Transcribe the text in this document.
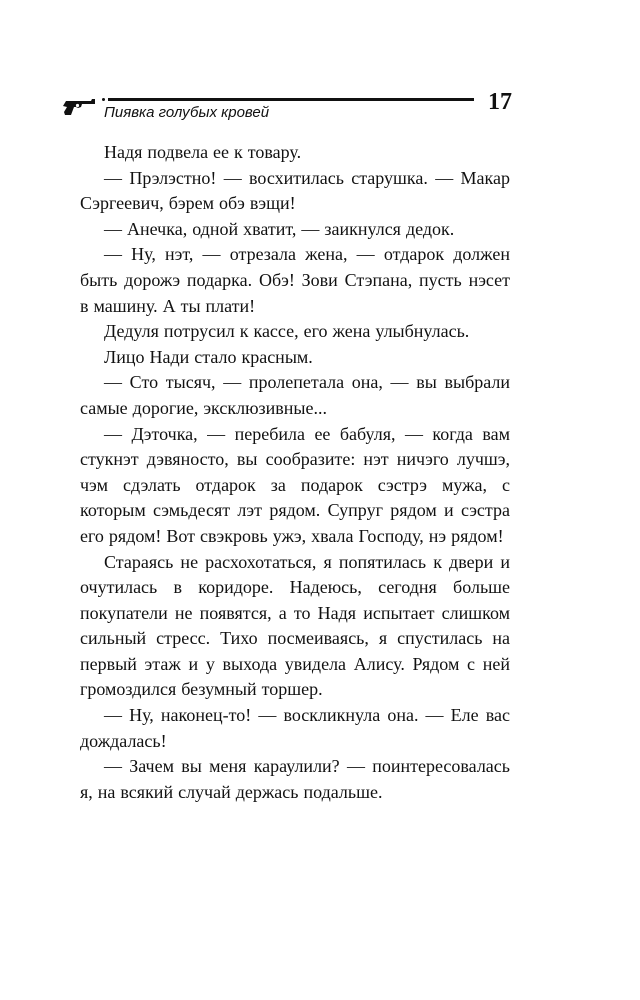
Пиявка голубых кровей	17

Надя подвела ее к товару.

— Прэлэстно! — восхитилась старушка. — Макар Сэргеевич, бэрем обэ вэщи!

— Анечка, одной хватит, — заикнулся дедок.

— Ну, нэт, — отрезала жена, — отдарок должен быть дорожэ подарка. Обэ! Зови Стэпана, пусть нэсет в машину. А ты плати!

Дедуля потрусил к кассе, его жена улыбнулась.

Лицо Нади стало красным.

— Сто тысяч, — пролепетала она, — вы выбрали самые дорогие, эксклюзивные...

— Дэточка, — перебила ее бабуля, — когда вам стукнэт дэвяносто, вы сообразите: нэт ничэго лучшэ, чэм сдэлать отдарок за подарок сэстрэ мужа, с которым сэмьдесят лэт рядом. Супруг рядом и сэстра его рядом! Вот свэкровь ужэ, хвала Господу, нэ рядом!

Стараясь не расхохотаться, я попятилась к двери и очутилась в коридоре. Надеюсь, сегодня больше покупатели не появятся, а то Надя испытает слишком сильный стресс. Тихо посмеиваясь, я спустилась на первый этаж и у выхода увидела Алису. Рядом с ней громоздился безумный торшер.

— Ну, наконец-то! — воскликнула она. — Еле вас дождалась!

— Зачем вы меня караулили? — поинтересовалась я, на всякий случай держась подальше.
